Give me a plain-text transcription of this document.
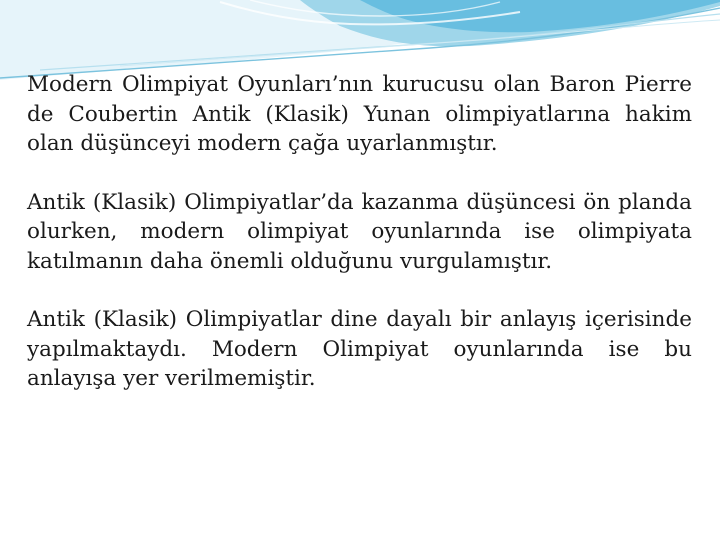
Modern Olimpiyat Oyunları’nın kurucusu olan Baron Pierre de Coubertin Antik (Klasik) Yunan olimpiyatlarına hakim olan düşünceyi modern çağa uyarlanmıştır.

Antik (Klasik) Olimpiyatlar’da kazanma düşüncesi ön planda olurken, modern olimpiyat oyunlarında ise olimpiyata katılmanın daha önemli olduğunu vurgulamıştır.

Antik (Klasik) Olimpiyatlar dine dayalı bir anlayış içerisinde yapılmaktaydı. Modern Olimpiyat oyunlarında ise bu anlayışa yer verilmemiştir.
